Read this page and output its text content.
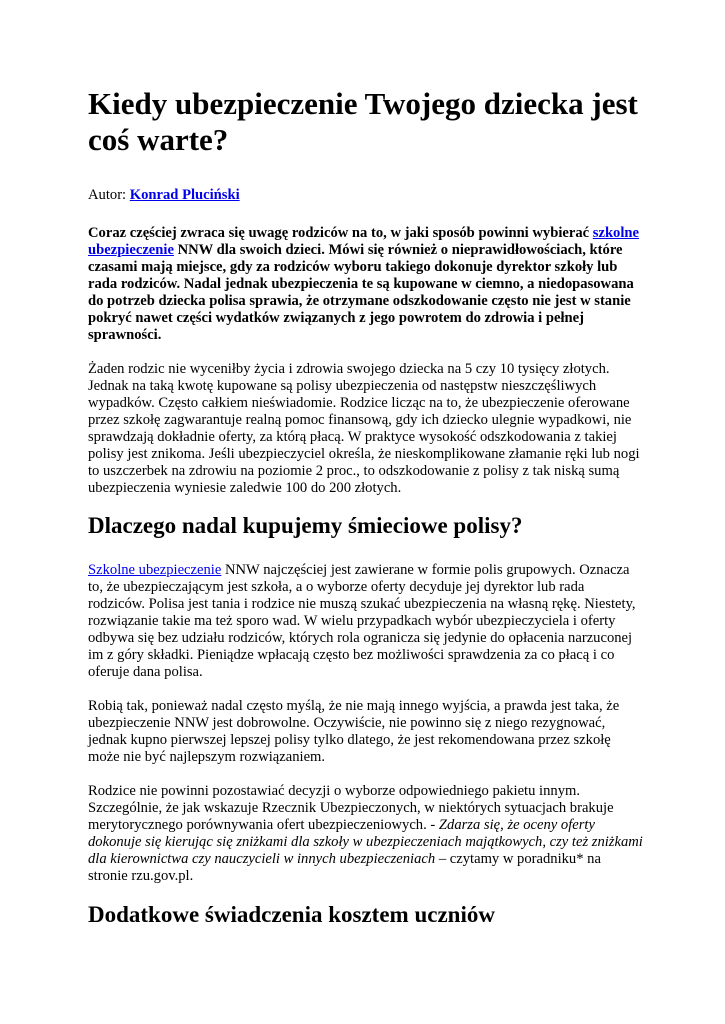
Kiedy ubezpieczenie Twojego dziecka jest coś warte?

Autor: Konrad Pluciński

Coraz częściej zwraca się uwagę rodziców na to, w jaki sposób powinni wybierać szkolne ubezpieczenie NNW dla swoich dzieci. Mówi się również o nieprawidłowościach, które czasami mają miejsce, gdy za rodziców wyboru takiego dokonuje dyrektor szkoły lub rada rodziców. Nadal jednak ubezpieczenia te są kupowane w ciemno, a niedopasowana do potrzeb dziecka polisa sprawia, że otrzymane odszkodowanie często nie jest w stanie pokryć nawet części wydatków związanych z jego powrotem do zdrowia i pełnej sprawności.

Żaden rodzic nie wyceniłby życia i zdrowia swojego dziecka na 5 czy 10 tysięcy złotych. Jednak na taką kwotę kupowane są polisy ubezpieczenia od następstw nieszczęśliwych wypadków. Często całkiem nieświadomie. Rodzice licząc na to, że ubezpieczenie oferowane przez szkołę zagwarantuje realną pomoc finansową, gdy ich dziecko ulegnie wypadkowi, nie sprawdzają dokładnie oferty, za którą płacą. W praktyce wysokość odszkodowania z takiej polisy jest znikoma. Jeśli ubezpieczyciel określa, że nieskomplikowane złamanie ręki lub nogi to uszczerbek na zdrowiu na poziomie 2 proc., to odszkodowanie z polisy z tak niską sumą ubezpieczenia wyniesie zaledwie 100 do 200 złotych.

Dlaczego nadal kupujemy śmieciowe polisy?

Szkolne ubezpieczenie NNW najczęściej jest zawierane w formie polis grupowych. Oznacza to, że ubezpieczającym jest szkoła, a o wyborze oferty decyduje jej dyrektor lub rada rodziców. Polisa jest tania i rodzice nie muszą szukać ubezpieczenia na własną rękę. Niestety, rozwiązanie takie ma też sporo wad. W wielu przypadkach wybór ubezpieczyciela i oferty odbywa się bez udziału rodziców, których rola ogranicza się jedynie do opłacenia narzuconej im z góry składki. Pieniądze wpłacają często bez możliwości sprawdzenia za co płacą i co oferuje dana polisa.

Robią tak, ponieważ nadal często myślą, że nie mają innego wyjścia, a prawda jest taka, że ubezpieczenie NNW jest dobrowolne. Oczywiście, nie powinno się z niego rezygnować, jednak kupno pierwszej lepszej polisy tylko dlatego, że jest rekomendowana przez szkołę może nie być najlepszym rozwiązaniem.

Rodzice nie powinni pozostawiać decyzji o wyborze odpowiedniego pakietu innym. Szczególnie, że jak wskazuje Rzecznik Ubezpieczonych, w niektórych sytuacjach brakuje merytorycznego porównywania ofert ubezpieczeniowych. - Zdarza się, że oceny oferty dokonuje się kierując się zniżkami dla szkoły w ubezpieczeniach majątkowych, czy też zniżkami dla kierownictwa czy nauczycieli w innych ubezpieczeniach – czytamy w poradniku* na stronie rzu.gov.pl.

Dodatkowe świadczenia kosztem uczniów
